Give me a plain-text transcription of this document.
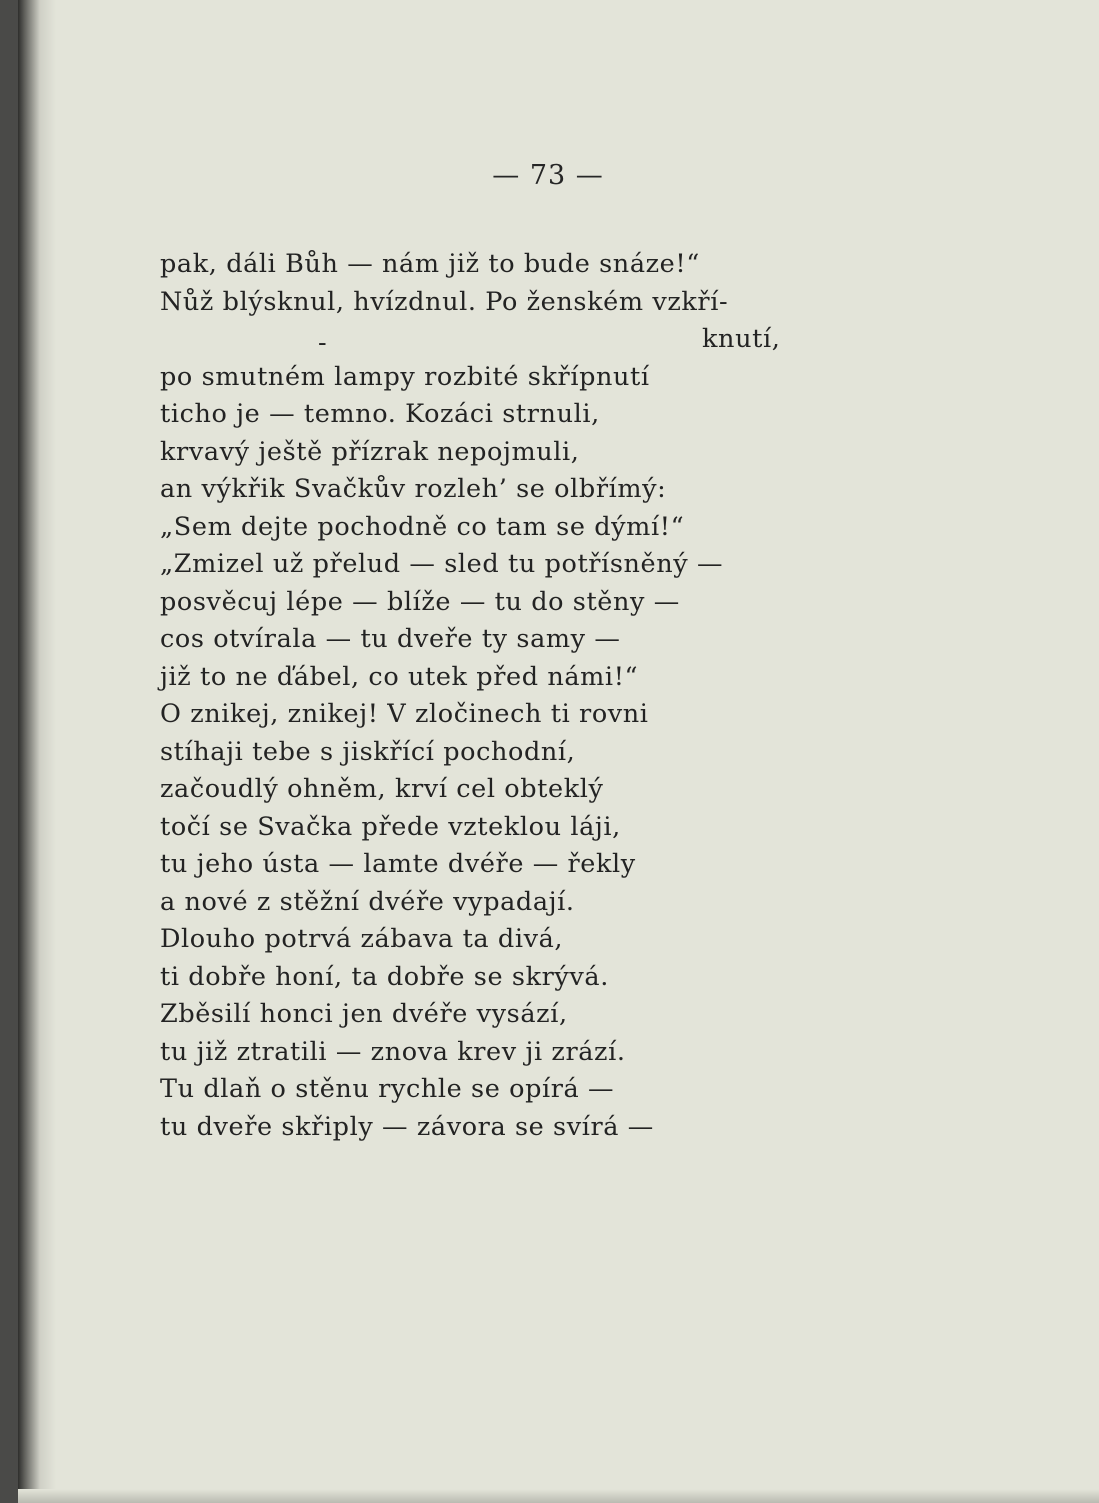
— 73 —
pak, dáli Bůh — nám již to bude snáze!“
Nůž blýsknul, hvízdnul. Po ženském vzkří-
-	knutí,
po smutném lampy rozbité skřípnutí
ticho je — temno. Kozáci strnuli,
krvavý ještě přízrak nepojmuli,
an výkřik Svačkův rozleh’ se olbřímý:
„Sem dejte pochodně co tam se dýmí!“
„Zmizel už přelud — sled tu potřísněný —
posvěcuj lépe — blíže — tu do stěny —
cos otvírala — tu dveře ty samy —
již to ne ďábel, co utek před námi!“
O znikej, znikej! V zločinech ti rovni
stíhaji tebe s jiskřící pochodní,
začoudlý ohněm, krví cel obteklý
točí se Svačka přede vzteklou láji,
tu jeho ústa — lamte dvéře — řekly
a nové z stěžní dvéře vypadají.
Dlouho potrvá zábava ta divá,
ti dobře honí, ta dobře se skrývá.
Zběsilí honci jen dvéře vysází,
tu již ztratili — znova krev ji zrází.
Tu dlaň o stěnu rychle se opírá —
tu dveře skřiply — závora se svírá —
